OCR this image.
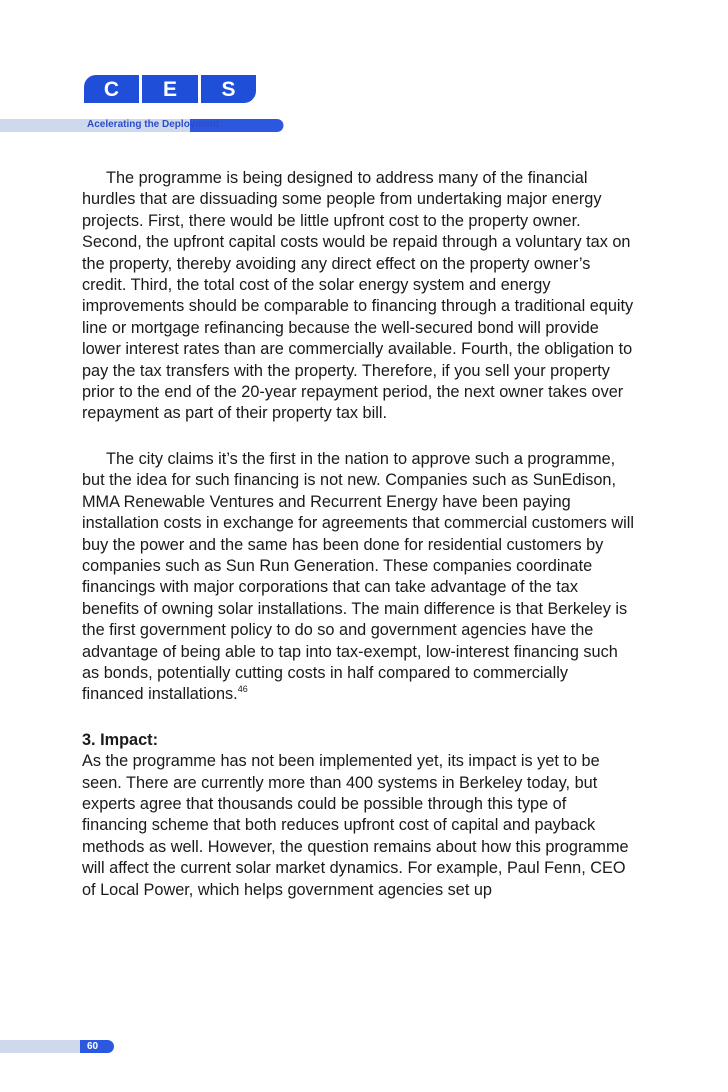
C E S
Acelerating the Deployment

The programme is being designed to address many of the financial hurdles that are dissuading some people from undertaking major energy projects. First, there would be little upfront cost to the property owner. Second, the upfront capital costs would be repaid through a voluntary tax on the property, thereby avoiding any direct effect on the property owner’s credit. Third, the total cost of the solar energy system and energy improvements should be comparable to financing through a traditional equity line or mortgage refinancing because the well-secured bond will provide lower interest rates than are commercially available. Fourth, the obligation to pay the tax transfers with the property. Therefore, if you sell your property prior to the end of the 20-year repayment period, the next owner takes over repayment as part of their property tax bill.

The city claims it’s the first in the nation to approve such a programme, but the idea for such financing is not new. Companies such as SunEdison, MMA Renewable Ventures and Recurrent Energy have been paying installation costs in exchange for agreements that commercial customers will buy the power and the same has been done for residential customers by companies such as Sun Run Generation. These companies coordinate financings with major corporations that can take advantage of the tax benefits of owning solar installations. The main difference is that Berkeley is the first government policy to do so and government agencies have the advantage of being able to tap into tax-exempt, low-interest financing such as bonds, potentially cutting costs in half compared to commercially financed installations.$^{46}$

3. Impact:

As the programme has not been implemented yet, its impact is yet to be seen. There are currently more than 400 systems in Berkeley today, but experts agree that thousands could be possible through this type of financing scheme that both reduces upfront cost of capital and payback methods as well. However, the question remains about how this programme will affect the current solar market dynamics. For example, Paul Fenn, CEO of Local Power, which helps government agencies set up

60
